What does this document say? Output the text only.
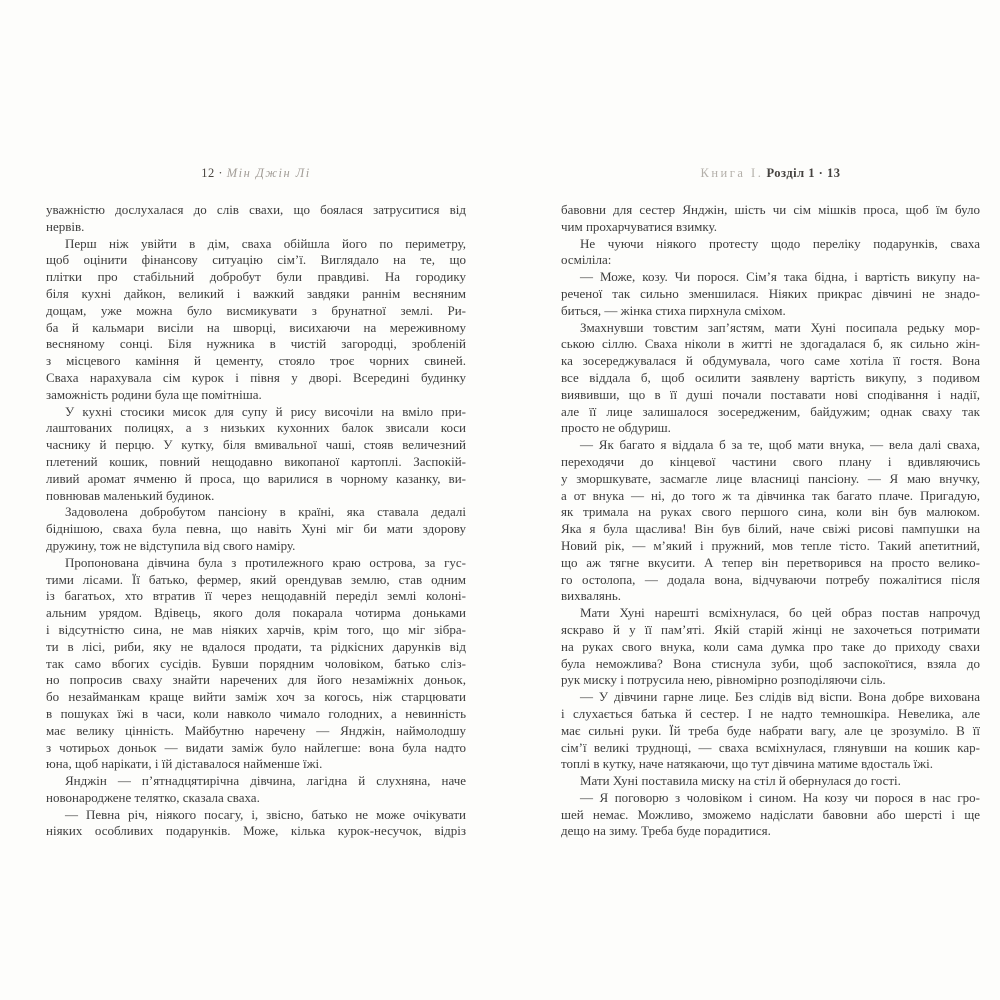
12 · Мін Джін Лі
уважністю дослухалася до слів свахи, що боялася затруситися від
нервів.
Перш ніж увійти в дім, сваха обійшла його по периметру,
щоб оцінити фінансову ситуацію сім’ї. Виглядало на те, що
плітки про стабільний добробут були правдиві. На городику
біля кухні дайкон, великий і важкий завдяки раннім весняним
дощам, уже можна було висмикувати з брунатної землі. Ри-
ба й кальмари висіли на шворці, висихаючи на мереживному
весняному сонці. Біля нужника в чистій загородці, зробленій
з місцевого каміння й цементу, стояло троє чорних свиней.
Сваха нарахувала сім курок і півня у дворі. Всередині будинку
заможність родини була ще помітніша.
У кухні стосики мисок для супу й рису височіли на вміло при-
лаштованих полицях, а з низьких кухонних балок звисали коси
часнику й перцю. У кутку, біля вмивальної чаші, стояв величезний
плетений кошик, повний нещодавно викопаної картоплі. Заспокій-
ливий аромат ячменю й проса, що варилися в чорному казанку, ви-
повнював маленький будинок.
Задоволена добробутом пансіону в країні, яка ставала дедалі
біднішою, сваха була певна, що навіть Хуні міг би мати здорову
дружину, тож не відступила від свого наміру.
Пропонована дівчина була з протилежного краю острова, за гус-
тими лісами. Її батько, фермер, який орендував землю, став одним
із багатьох, хто втратив її через нещодавній переділ землі колоні-
альним урядом. Вдівець, якого доля покарала чотирма доньками
і відсутністю сина, не мав ніяких харчів, крім того, що міг зібра-
ти в лісі, риби, яку не вдалося продати, та рідкісних дарунків від
так само вбогих сусідів. Бувши порядним чоловіком, батько сліз-
но попросив сваху знайти наречених для його незаміжніх доньок,
бо незайманкам краще вийти заміж хоч за когось, ніж старцювати
в пошуках їжі в часи, коли навколо чимало голодних, а невинність
має велику цінність. Майбутню наречену — Янджін, наймолодшу
з чотирьох доньок — видати заміж було найлегше: вона була надто
юна, щоб нарікати, і їй діставалося найменше їжі.
Янджін — п’ятнадцятирічна дівчина, лагідна й слухняна, наче
новонароджене телятко, сказала сваха.
— Певна річ, ніякого посагу, і, звісно, батько не може очікувати
ніяких особливих подарунків. Може, кілька курок-несучок, відріз
Книга I. Розділ 1 · 13
бавовни для сестер Янджін, шість чи сім мішків проса, щоб їм було
чим прохарчуватися взимку.
Не чуючи ніякого протесту щодо переліку подарунків, сваха
осміліла:
— Може, козу. Чи порося. Сім’я така бідна, і вартість викупу на-
реченої так сильно зменшилася. Ніяких прикрас дівчині не знадо-
биться, — жінка стиха пирхнула сміхом.
Змахнувши товстим зап’ястям, мати Хуні посипала редьку мор-
ською сіллю. Сваха ніколи в житті не здогадалася б, як сильно жін-
ка зосереджувалася й обдумувала, чого саме хотіла її гостя. Вона
все віддала б, щоб осилити заявлену вартість викупу, з подивом
виявивши, що в її душі почали поставати нові сподівання і надії,
але її лице залишалося зосередженим, байдужим; однак сваху так
просто не обдуриш.
— Як багато я віддала б за те, щоб мати внука, — вела далі сваха,
переходячи до кінцевої частини свого плану і вдивляючись
у зморшкувате, засмагле лице власниці пансіону. — Я маю внучку,
а от внука — ні, до того ж та дівчинка так багато плаче. Пригадую,
як тримала на руках свого першого сина, коли він був малюком.
Яка я була щаслива! Він був білий, наче свіжі рисові пампушки на
Новий рік, — м’який і пружний, мов тепле тісто. Такий апетитний,
що аж тягне вкусити. А тепер він перетворився на просто велико-
го остолопа, — додала вона, відчуваючи потребу пожалітися після
вихвалянь.
Мати Хуні нарешті всміхнулася, бо цей образ постав напрочуд
яскраво й у її пам’яті. Якій старій жінці не захочеться потримати
на руках свого внука, коли сама думка про таке до приходу свахи
була неможлива? Вона стиснула зуби, щоб заспокоїтися, взяла до
рук миску і потрусила нею, рівномірно розподіляючи сіль.
— У дівчини гарне лице. Без слідів від віспи. Вона добре вихована
і слухається батька й сестер. І не надто темношкіра. Невелика, але
має сильні руки. Їй треба буде набрати вагу, але це зрозуміло. В її
сім’ї великі труднощі, — сваха всміхнулася, глянувши на кошик кар-
топлі в кутку, наче натякаючи, що тут дівчина матиме вдосталь їжі.
Мати Хуні поставила миску на стіл й обернулася до гості.
— Я поговорю з чоловіком і сином. На козу чи порося в нас гро-
шей немає. Можливо, зможемо надіслати бавовни або шерсті і ще
дещо на зиму. Треба буде порадитися.
